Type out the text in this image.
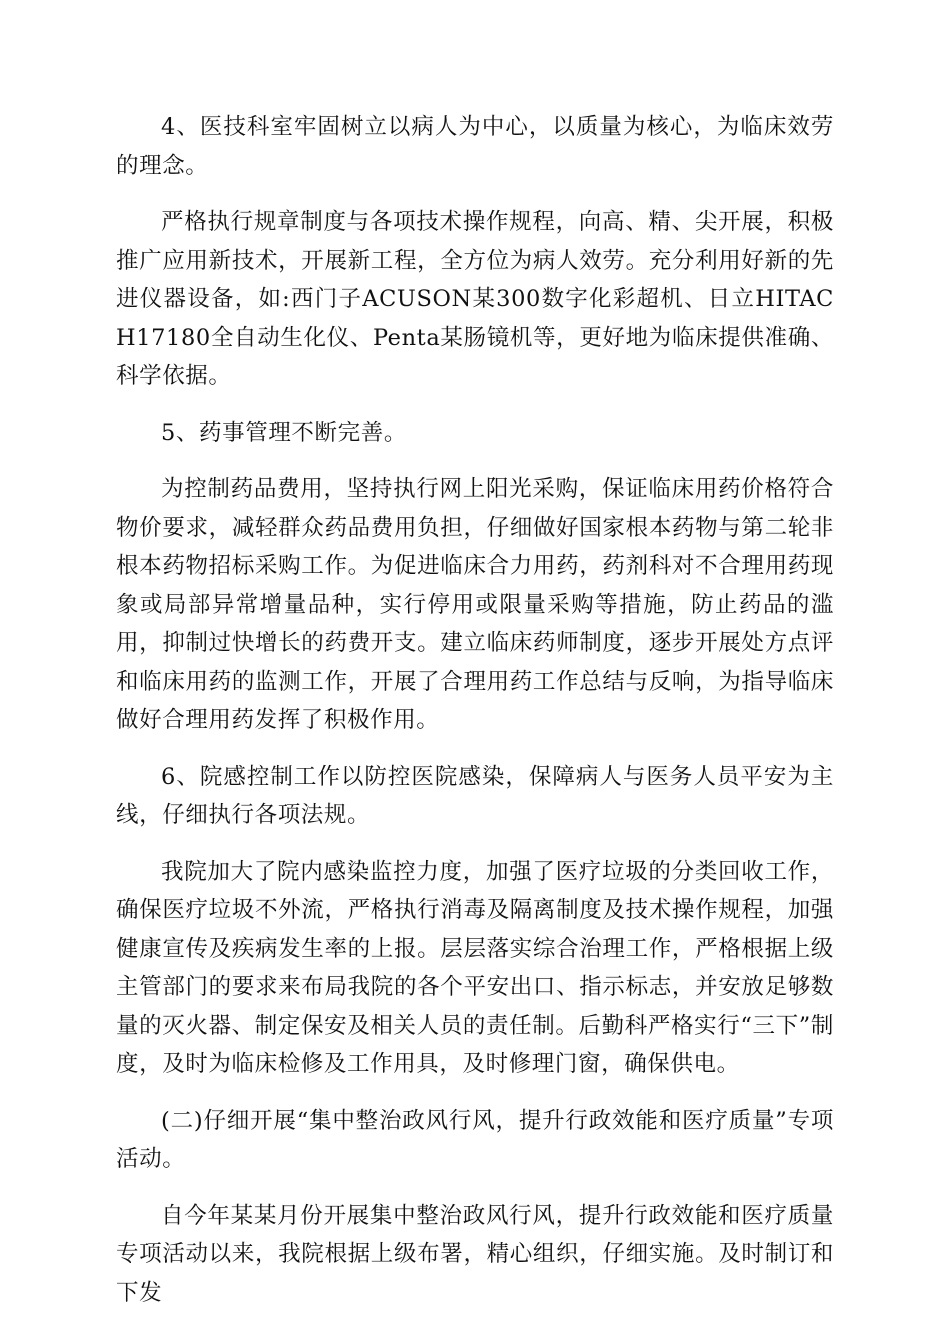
4、医技科室牢固树立以病人为中心，以质量为核心，为临床效劳的理念。

严格执行规章制度与各项技术操作规程，向高、精、尖开展，积极推广应用新技术，开展新工程，全方位为病人效劳。充分利用好新的先进仪器设备，如:西门子ACUSON某300数字化彩超机、日立HITACH17180全自动生化仪、Penta某肠镜机等，更好地为临床提供准确、科学依据。

5、药事管理不断完善。

为控制药品费用，坚持执行网上阳光采购，保证临床用药价格符合物价要求，减轻群众药品费用负担，仔细做好国家根本药物与第二轮非根本药物招标采购工作。为促进临床合力用药，药剂科对不合理用药现象或局部异常增量品种，实行停用或限量采购等措施，防止药品的滥用，抑制过快增长的药费开支。建立临床药师制度，逐步开展处方点评和临床用药的监测工作，开展了合理用药工作总结与反响，为指导临床做好合理用药发挥了积极作用。

6、院感控制工作以防控医院感染，保障病人与医务人员平安为主线，仔细执行各项法规。

我院加大了院内感染监控力度，加强了医疗垃圾的分类回收工作，确保医疗垃圾不外流，严格执行消毒及隔离制度及技术操作规程，加强健康宣传及疾病发生率的上报。层层落实综合治理工作，严格根据上级主管部门的要求来布局我院的各个平安出口、指示标志，并安放足够数量的灭火器、制定保安及相关人员的责任制。后勤科严格实行“三下”制度，及时为临床检修及工作用具，及时修理门窗，确保供电。

(二)仔细开展“集中整治政风行风，提升行政效能和医疗质量”专项活动。

自今年某某月份开展集中整治政风行风，提升行政效能和医疗质量专项活动以来，我院根据上级布署，精心组织，仔细实施。及时制订和下发
